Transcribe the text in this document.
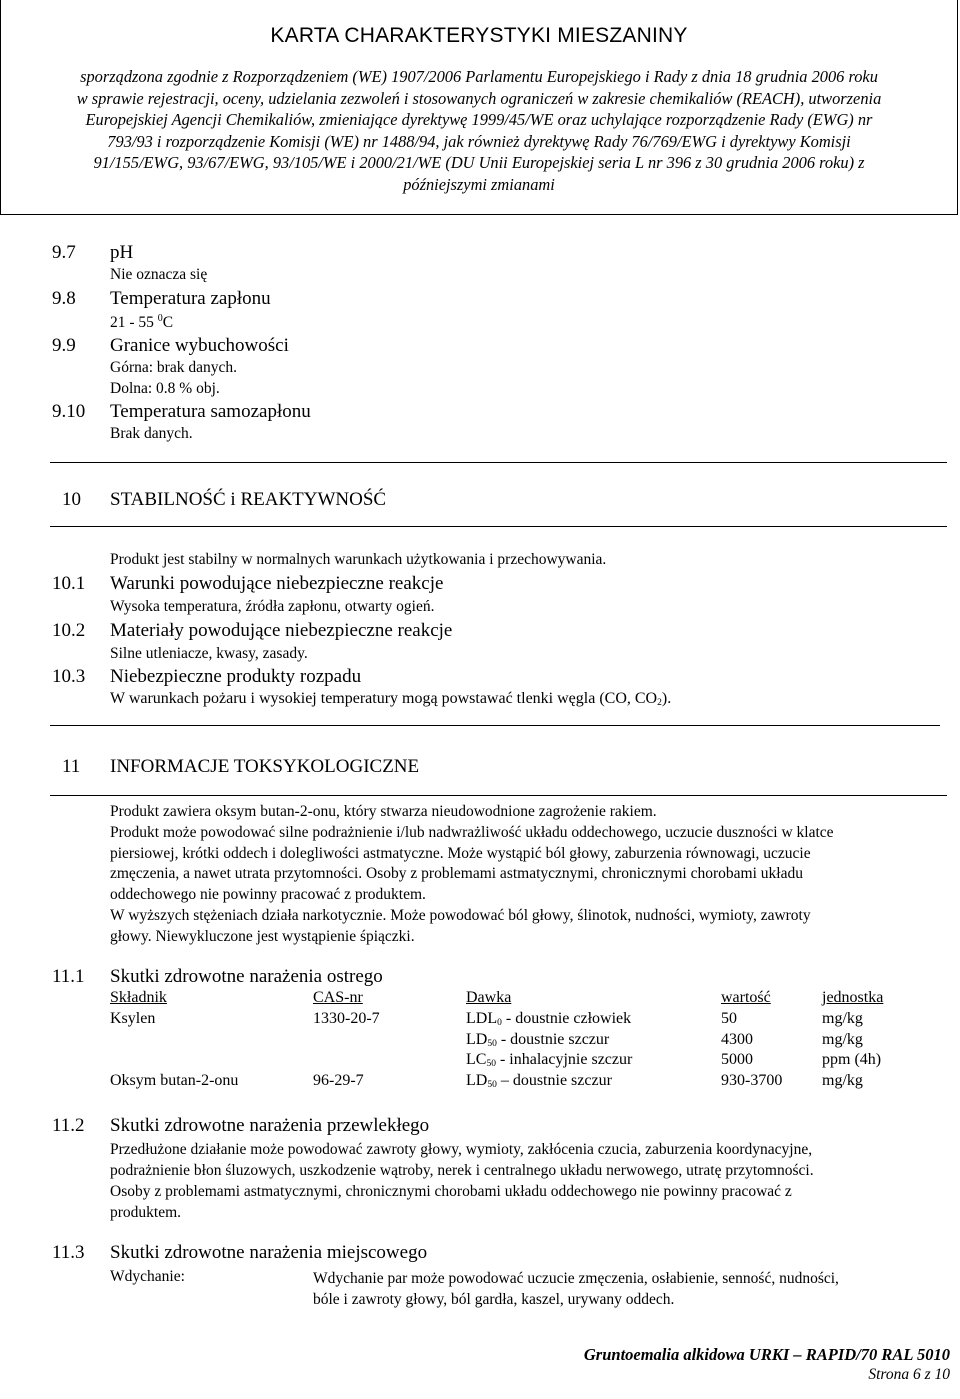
KARTA CHARAKTERYSTYKI MIESZANINY
sporządzona zgodnie z Rozporządzeniem (WE) 1907/2006 Parlamentu Europejskiego i Rady z dnia 18 grudnia 2006 roku
w sprawie rejestracji, oceny, udzielania zezwoleń i stosowanych ograniczeń w zakresie chemikaliów (REACH), utworzenia
Europejskiej Agencji Chemikaliów, zmieniające dyrektywę 1999/45/WE oraz uchylające rozporządzenie Rady (EWG) nr
793/93 i rozporządzenie Komisji (WE) nr 1488/94, jak również dyrektywę Rady 76/769/EWG i dyrektywy Komisji
91/155/EWG, 93/67/EWG, 93/105/WE i 2000/21/WE (DU Unii Europejskiej seria L nr 396 z 30 grudnia 2006 roku) z
późniejszymi zmianami
9.7 pH
Nie oznacza się
9.8 Temperatura zapłonu
21 - 55 $^0$C
9.9 Granice wybuchowości
Górna: brak danych.
Dolna: 0.8 % obj.
9.10 Temperatura samozapłonu
Brak danych.
10 STABILNOŚĆ i REAKTYWNOŚĆ
Produkt jest stabilny w normalnych warunkach użytkowania i przechowywania.
10.1 Warunki powodujące niebezpieczne reakcje
Wysoka temperatura, źródła zapłonu, otwarty ogień.
10.2 Materiały powodujące niebezpieczne reakcje
Silne utleniacze, kwasy, zasady.
10.3 Niebezpieczne produkty rozpadu
W warunkach pożaru i wysokiej temperatury mogą powstawać tlenki węgla (CO, $CO_2$).
11 INFORMACJE TOKSYKOLOGICZNE
Produkt zawiera oksym butan-2-onu, który stwarza nieudowodnione zagrożenie rakiem.
Produkt może powodować silne podrażnienie i/lub nadwrażliwość układu oddechowego, uczucie duszności w klatce
piersiowej, krótki oddech i dolegliwości astmatyczne. Może wystąpić ból głowy, zaburzenia równowagi, uczucie
zmęczenia, a nawet utrata przytomności. Osoby z problemami astmatycznymi, chronicznymi chorobami układu
oddechowego nie powinny pracować z produktem.
W wyższych stężeniach działa narkotycznie. Może powodować ból głowy, ślinotok, nudności, wymioty, zawroty
głowy. Niewykluczone jest wystąpienie śpiączki.
11.1 Skutki zdrowotne narażenia ostrego
Składnik	CAS-nr	Dawka	wartość	jednostka
Ksylen	1330-20-7	$LDL_0$ - doustnie człowiek	50	mg/kg
		$LD_{50}$ - doustnie szczur	4300	mg/kg
		$LC_{50}$ - inhalacyjnie szczur	5000	ppm (4h)
Oksym butan-2-onu	96-29-7	$LD_{50}$ – doustnie szczur	930-3700	mg/kg
11.2 Skutki zdrowotne narażenia przewlekłego
Przedłużone działanie może powodować zawroty głowy, wymioty, zakłócenia czucia, zaburzenia koordynacyjne,
podrażnienie błon śluzowych, uszkodzenie wątroby, nerek i centralnego układu nerwowego, utratę przytomności.
Osoby z problemami astmatycznymi, chronicznymi chorobami układu oddechowego nie powinny pracować z
produktem.
11.3 Skutki zdrowotne narażenia miejscowego
Wdychanie:	Wdychanie par może powodować uczucie zmęczenia, osłabienie, senność, nudności,
bóle i zawroty głowy, ból gardła, kaszel, urywany oddech.
Gruntoemalia alkidowa URKI – RAPID/70 RAL 5010
Strona 6 z 10
